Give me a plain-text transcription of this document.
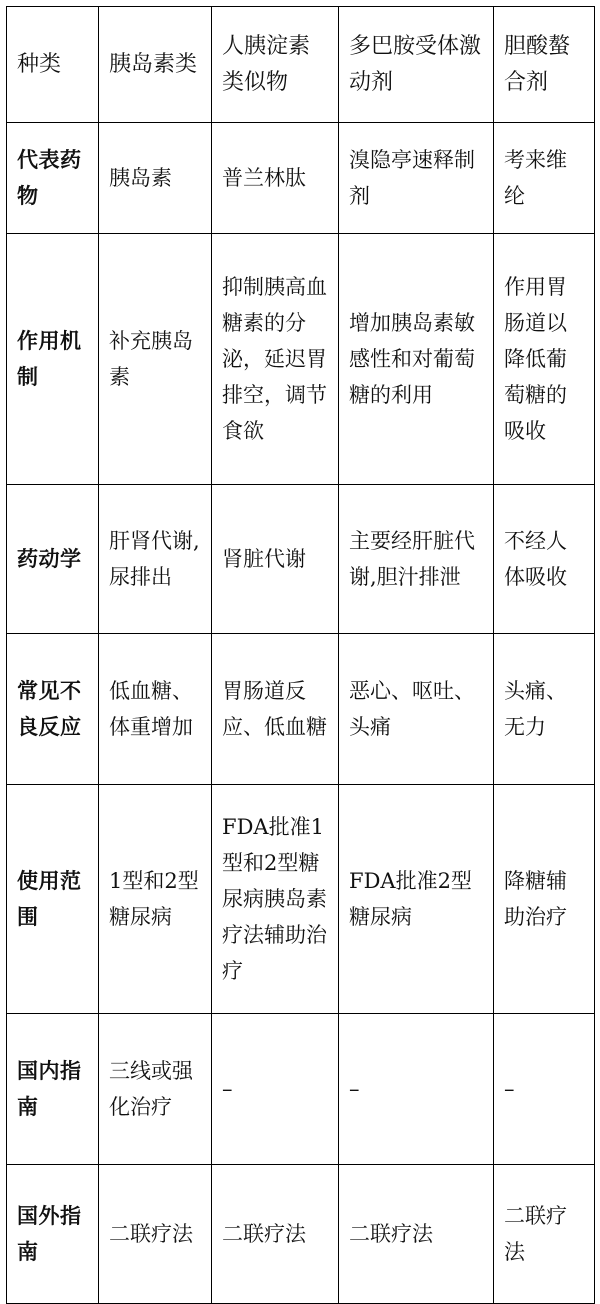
种类	胰岛素类	人胰淀素类似物	多巴胺受体激动剂	胆酸螯合剂
代表药物	胰岛素	普兰林肽	溴隐亭速释制剂	考来维纶
作用机制	补充胰岛素	抑制胰高血糖素的分泌，延迟胃排空，调节食欲	增加胰岛素敏感性和对葡萄糖的利用	作用胃肠道以降低葡萄糖的吸收
药动学	肝肾代谢,尿排出	肾脏代谢	主要经肝脏代谢,胆汁排泄	不经人体吸收
常见不良反应	低血糖、体重增加	胃肠道反应、低血糖	恶心、呕吐、头痛	头痛、无力
使用范围	1型和2型糖尿病	FDA批准1型和2型糖尿病胰岛素疗法辅助治疗	FDA批准2型糖尿病	降糖辅助治疗
国内指南	三线或强化治疗	–	–	–
国外指南	二联疗法	二联疗法	二联疗法	二联疗法
